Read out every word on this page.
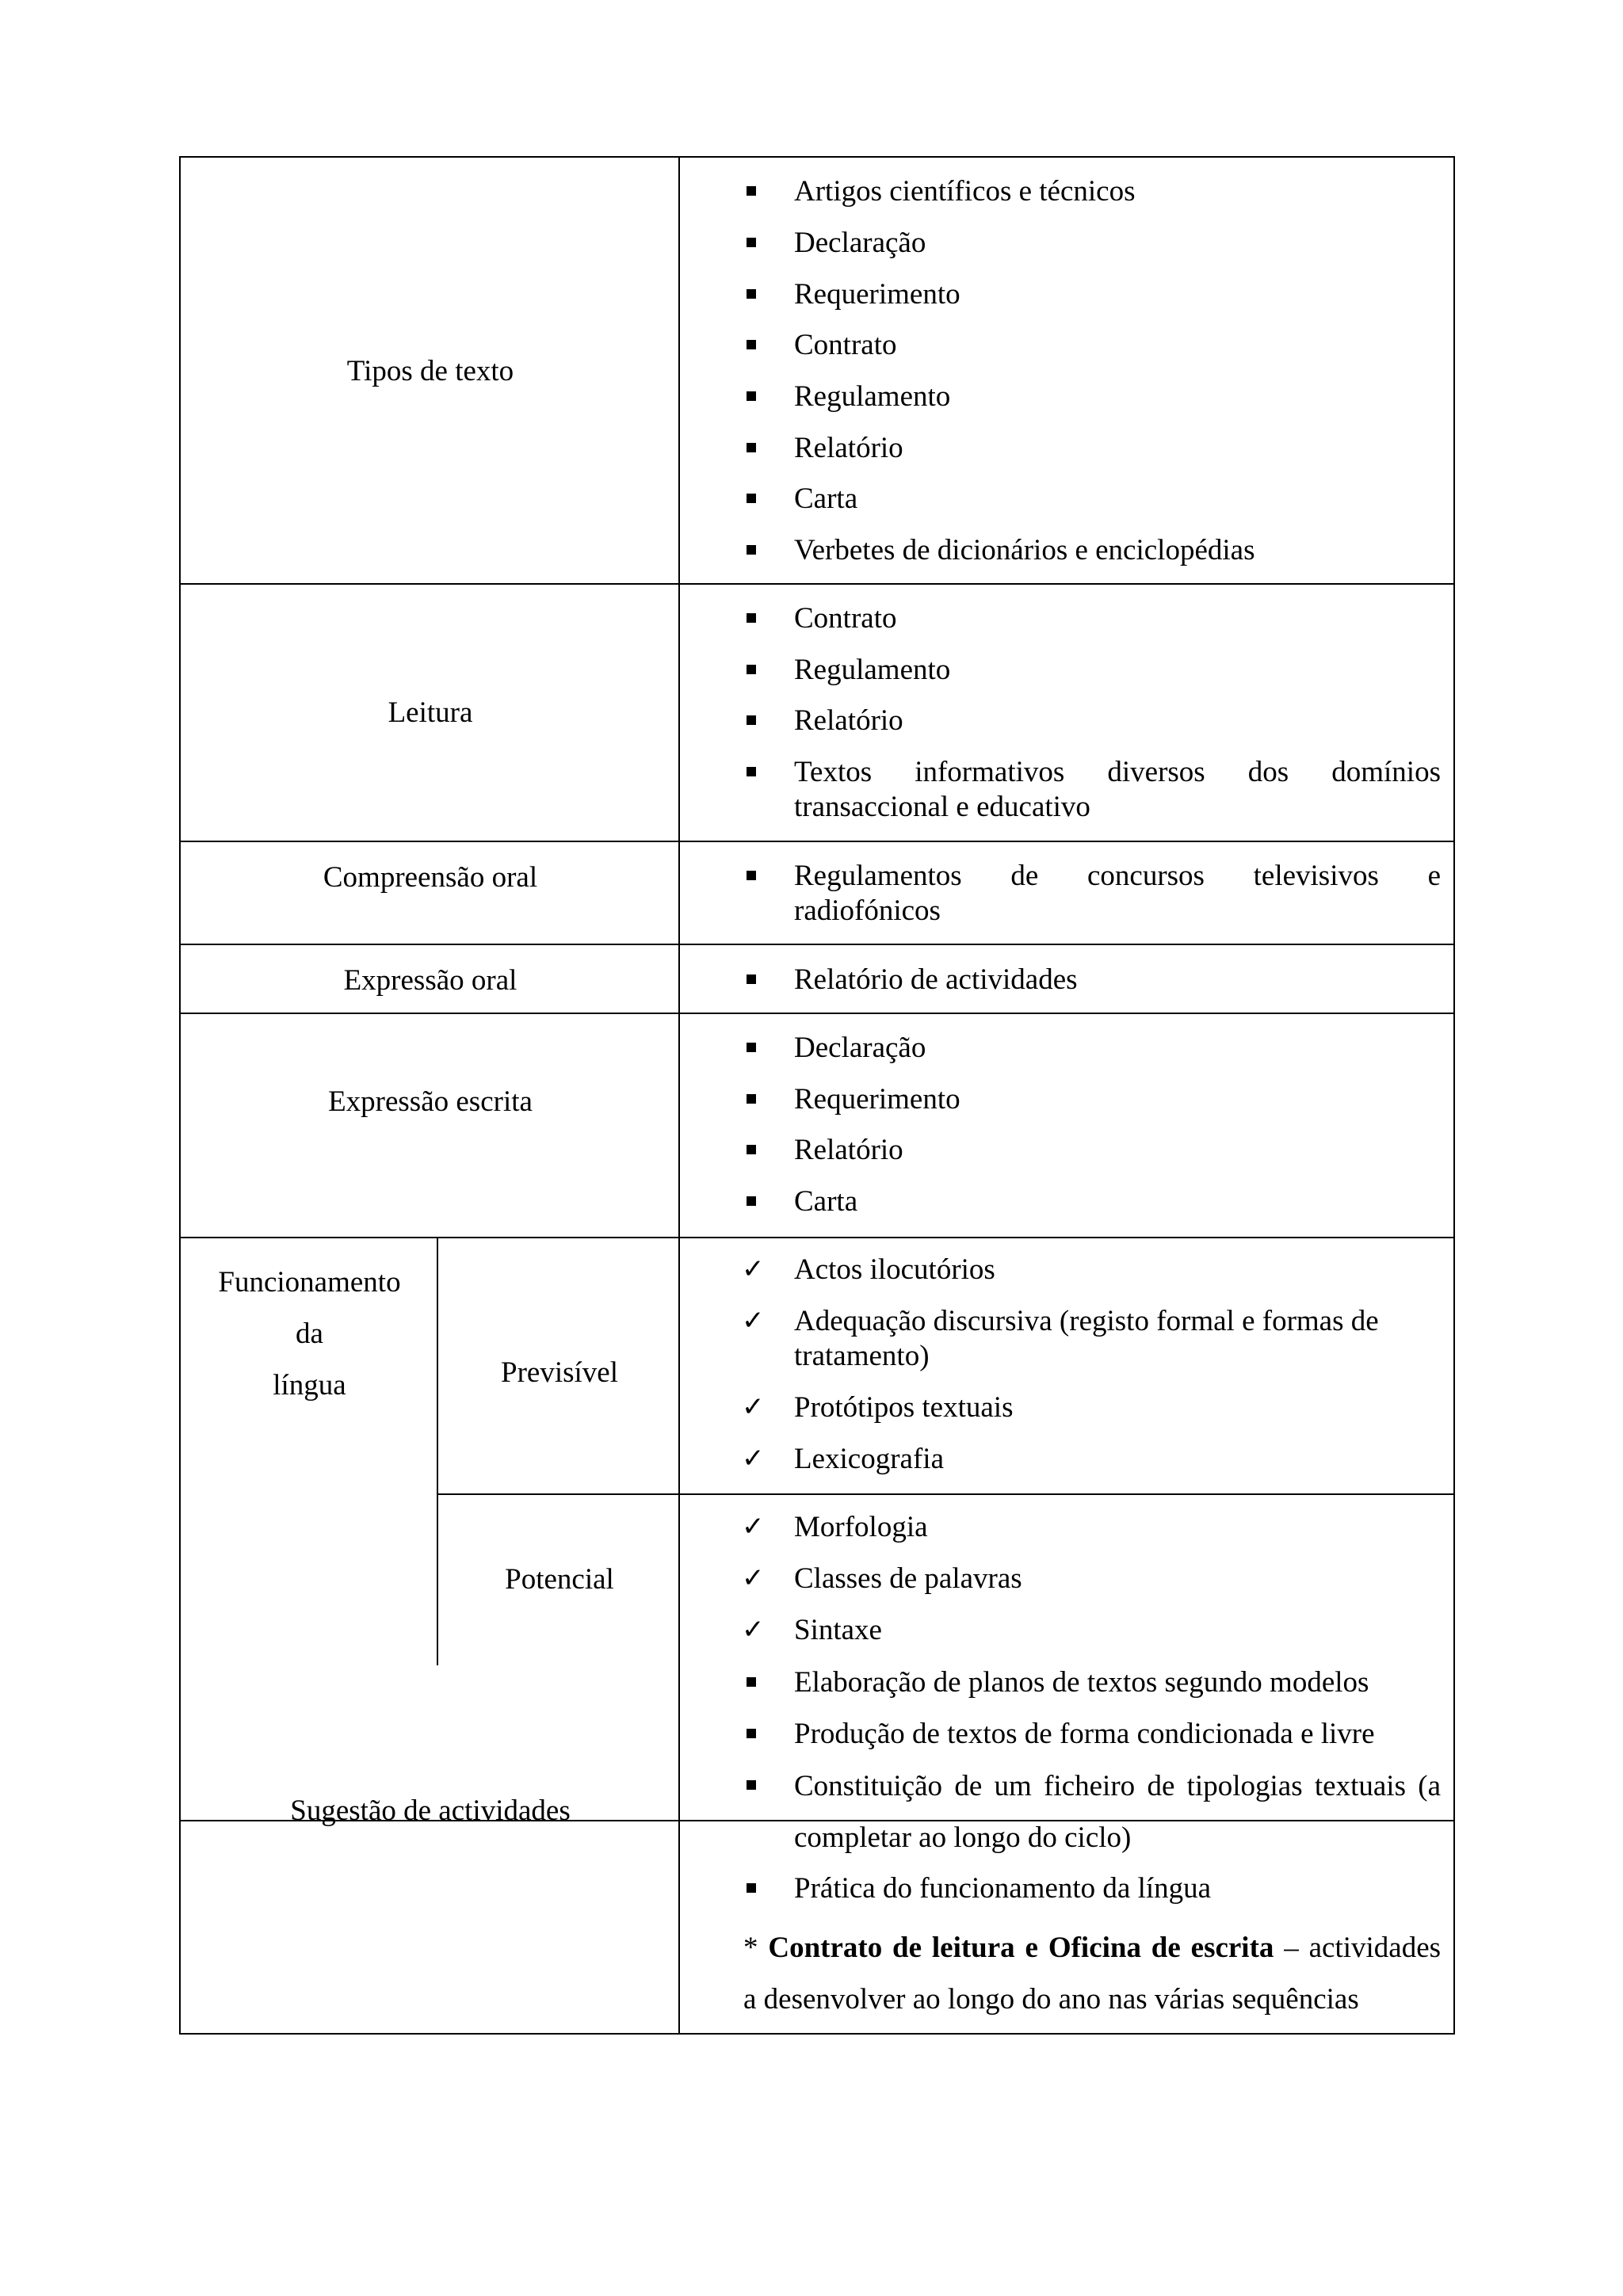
Tipos de texto
Leitura
Compreensão oral
Expressão oral
Expressão escrita
Funcionamento
da
língua	Previsível
Potencial
Sugestão de actividades
Artigos científicos e técnicos
Declaração
Requerimento
Contrato
Regulamento
Relatório
Carta
Verbetes de dicionários e enciclopédias
Contrato
Regulamento
Relatório
Textos informativos diversos dos domínios
transaccional e educativo
Regulamentos de concursos televisivos e
radiofónicos
Relatório de actividades
Declaração
Requerimento
Relatório
Carta
✓ Actos ilocutórios
✓ Adequação discursiva (registo formal e formas de
tratamento)
✓ Protótipos textuais
✓ Lexicografia
✓ Morfologia
✓ Classes de palavras
✓ Sintaxe
Elaboração de planos de textos segundo modelos
Produção de textos de forma condicionada e livre
Constituição de um ficheiro de tipologias textuais (a
completar ao longo do ciclo)
Prática do funcionamento da língua
* Contrato de leitura e Oficina de escrita – actividades
a desenvolver ao longo do ano nas várias sequências
